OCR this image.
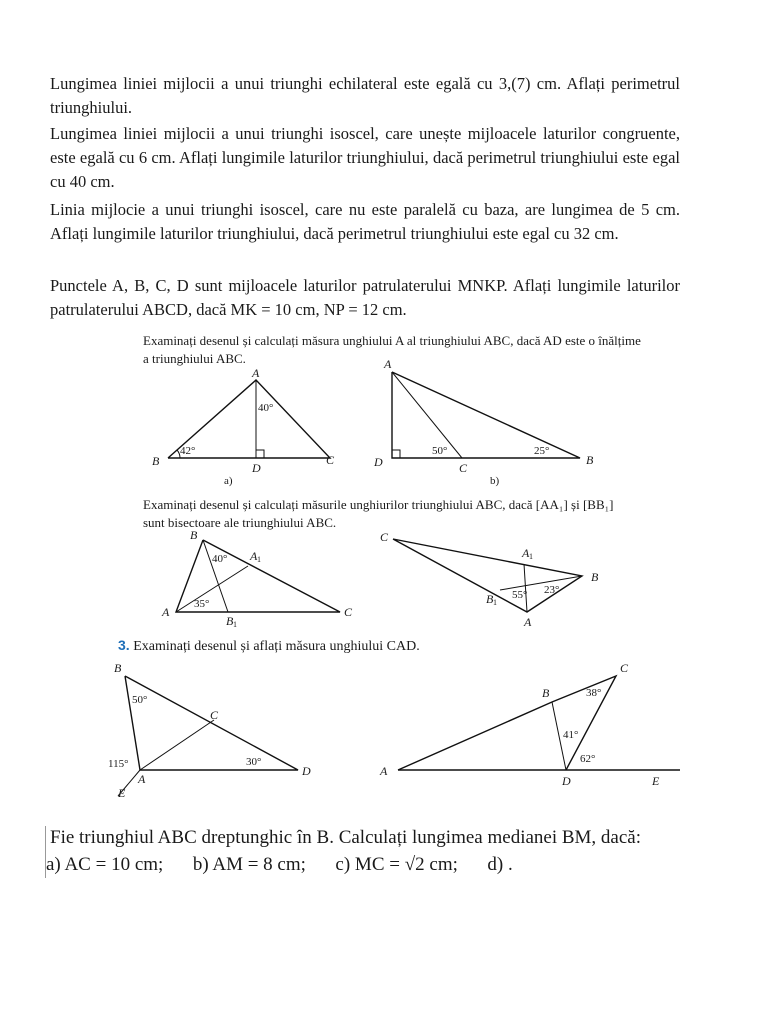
Lungimea liniei mijlocii a unui triunghi echilateral este egală cu 3,(7) cm. Aflați perimetrul triunghiului.

Lungimea liniei mijlocii a unui triunghi isoscel, care unește mijloacele laturilor congruente, este egală cu 6 cm. Aflați lungimile laturilor triunghiului, dacă perimetrul triunghiului este egal cu 40 cm.

Linia mijlocie a unui triunghi isoscel, care nu este paralelă cu baza, are lungimea de 5 cm. Aflați lungimile laturilor triunghiului, dacă perimetrul triunghiului este egal cu 32 cm.

Punctele A, B, C, D sunt mijloacele laturilor patrulaterului MNKP. Aflați lungimile laturilor patrulaterului ABCD, dacă MK = 10 cm, NP = 12 cm.

Examinați desenul și calculați măsura unghiului A al triunghiului ABC, dacă AD este o înălțime a triunghiului ABC.

A
B	C
D
40°
42°
a)
A
B
C
D
50°	25°
b)

Examinați desenul și calculați măsurile unghiurilor triunghiului ABC, dacă [AA₁] și [BB₁] sunt bisectoare ale triunghiului ABC.

B
A	C
A 1
B 1
40°
35°
C
B
A
A 1
B 1
55° 23°

3. Examinați desenul și aflați măsura unghiului CAD.

B
C
A
D
E
50°
115°	30°
C
B
A
D	E
38°
41°
62°

Fie triunghiul ABC dreptunghic în B. Calculați lungimea medianei BM, dacă:

a) AC = 10 cm; b) AM = 8 cm; c) MC = √2 cm; d) .
